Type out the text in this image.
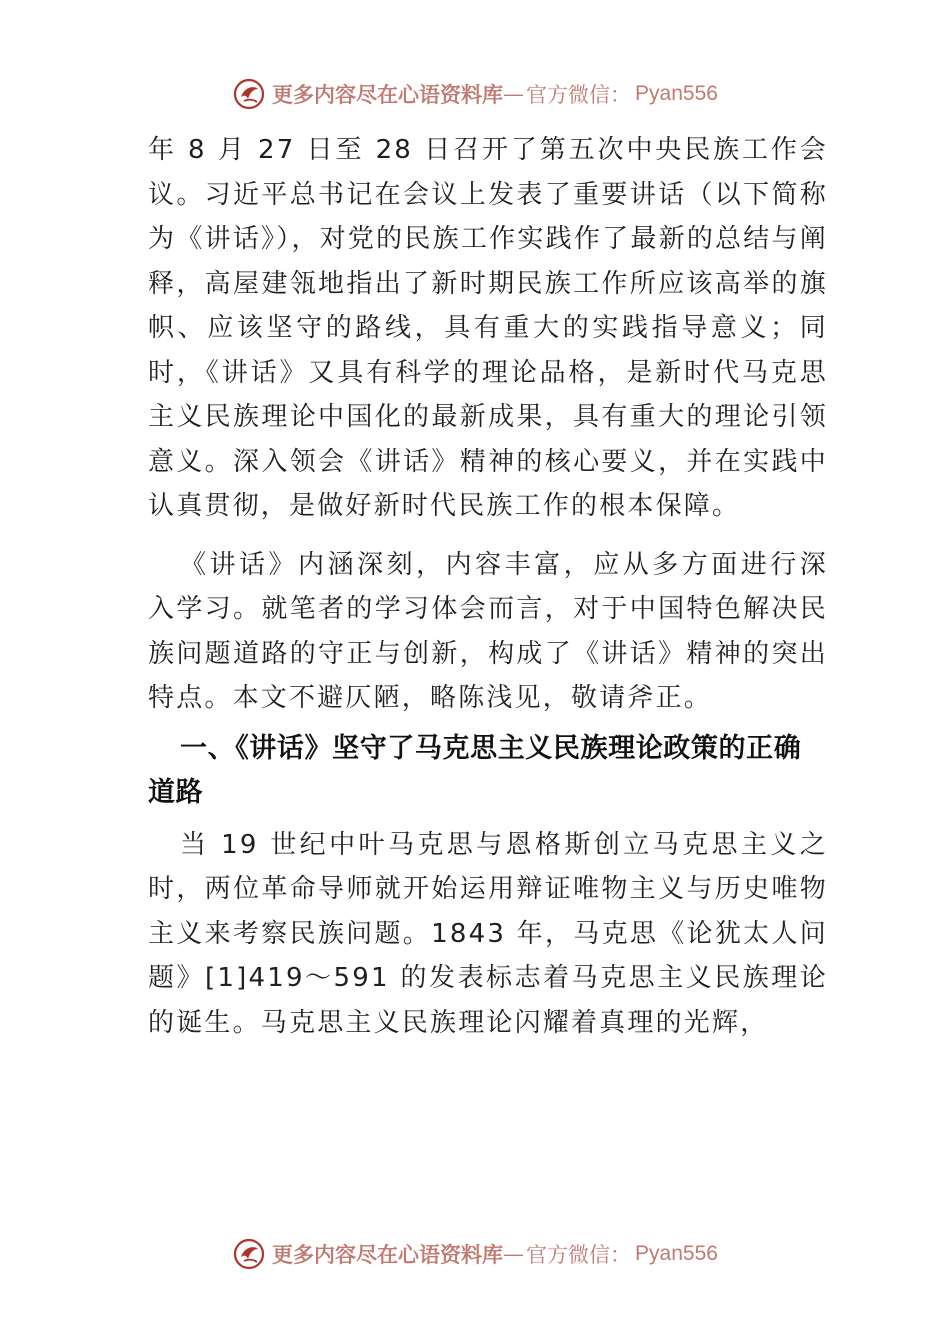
更多内容尽在心语资料库 — 官方微信： Pyan556

年 8 月 27 日至 28 日召开了第五次中央民族工作会议。习近平总书记在会议上发表了重要讲话（以下简称为《讲话》），对党的民族工作实践作了最新的总结与阐释，高屋建瓴地指出了新时期民族工作所应该高举的旗帜、应该坚守的路线，具有重大的实践指导意义；同时，《讲话》又具有科学的理论品格，是新时代马克思主义民族理论中国化的最新成果，具有重大的理论引领意义。深入领会《讲话》精神的核心要义，并在实践中认真贯彻，是做好新时代民族工作的根本保障。

《讲话》内涵深刻，内容丰富，应从多方面进行深入学习。就笔者的学习体会而言，对于中国特色解决民族问题道路的守正与创新，构成了《讲话》精神的突出特点。本文不避仄陋，略陈浅见，敬请斧正。

一、《讲话》坚守了马克思主义民族理论政策的正确道路

当 19 世纪中叶马克思与恩格斯创立马克思主义之时，两位革命导师就开始运用辩证唯物主义与历史唯物主义来考察民族问题。1843 年，马克思《论犹太人问题》[1]419～591 的发表标志着马克思主义民族理论的诞生。马克思主义民族理论闪耀着真理的光辉，

更多内容尽在心语资料库 — 官方微信： Pyan556
